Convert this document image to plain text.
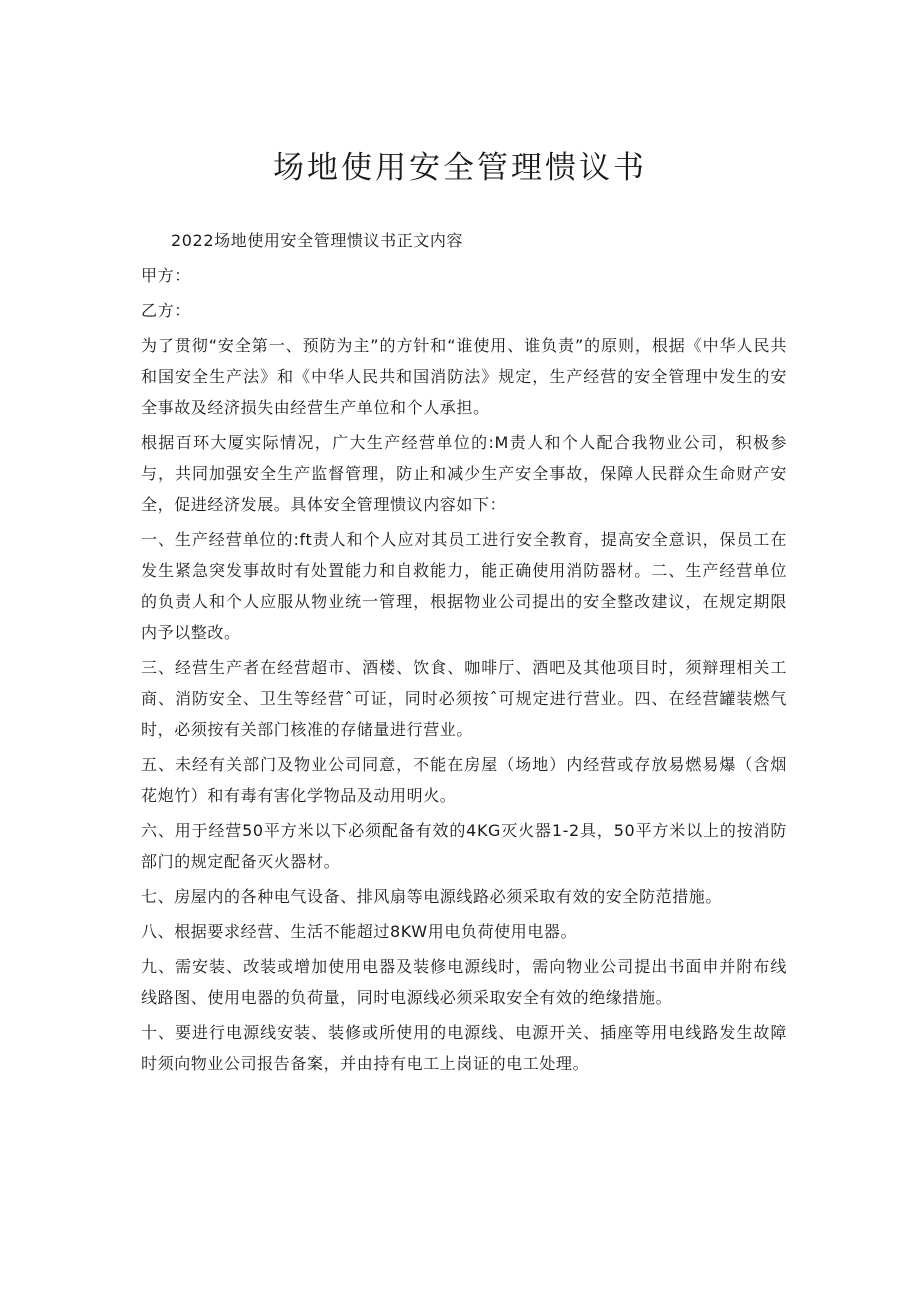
场地使用安全管理愦议书

2022场地使用安全管理愦议书正文内容

甲方：

乙方：

为了贯彻“安全第一、预防为主”的方针和“谁使用、谁负责”的原则，根据《中华人民共和国安全生产法》和《中华人民共和国消防法》规定，生产经营的安全管理中发生的安全事故及经济损失由经营生产单位和个人承担。

根据百环大厦实际情况，广大生产经营单位的:M责人和个人配合我物业公司，积极参与，共同加强安全生产监督管理，防止和减少生产安全事故，保障人民群众生命财产安全，促进经济发展。具体安全管理愦议内容如下：

一、生产经营单位的:ft责人和个人应对其员工进行安全教育，提高安全意识，保员工在发生紧急突发事故时有处置能力和自救能力，能正确使用消防器材。二、生产经营单位的负责人和个人应服从物业统一管理，根据物业公司提出的安全整改建议，在规定期限内予以整改。

三、经营生产者在经营超市、酒楼、饮食、咖啡厅、酒吧及其他项目时，须辩理相关工商、消防安全、卫生等经营ˆ可证，同时必须按ˆ可规定进行营业。四、在经营罐装燃气时，必须按有关部门核准的存储量进行营业。

五、未经有关部门及物业公司同意，不能在房屋（场地）内经营或存放易燃易爆（含烟花炮竹）和有毒有害化学物品及动用明火。

六、用于经营50平方米以下必须配备有效的4KG灭火器1-2具，50平方米以上的按消防部门的规定配备灭火器材。

七、房屋内的各种电气设备、排风扇等电源线路必须采取有效的安全防范措施。

八、根据要求经营、生活不能超过8KW用电负荷使用电器。

九、需安装、改装或增加使用电器及装修电源线时，需向物业公司提出书面申并附布线线路图、使用电器的负荷量，同时电源线必须采取安全有效的绝缘措施。

十、要进行电源线安装、装修或所使用的电源线、电源开关、插座等用电线路发生故障时须向物业公司报告备案，并由持有电工上岗证的电工处理。
